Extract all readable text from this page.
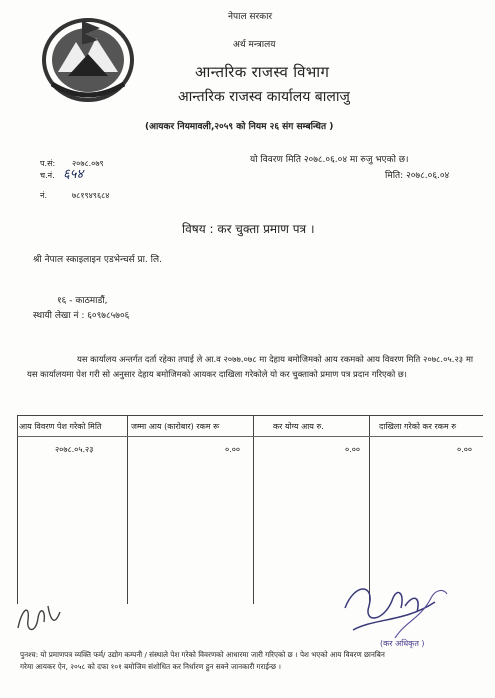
नेपाल सरकार
अर्थ मन्त्रालय
आन्तरिक राजस्व विभाग
आन्तरिक राजस्व कार्यालय बालाजु
(आयकर नियमावली,२०५९ को नियम २६ संग सम्बन्धित )
प.सं: २०७८.०७९
च.नं. ६५४
नं.	७८१९४९६८४
यो विवरण मिति २०७८.०६.०४ मा रुजु भएको छ।
मिति: २०७८.०६.०४
विषय : कर चुक्ता प्रमाण पत्र ।
श्री नेपाल स्काइलाइन एडभेन्चर्स प्रा. लि.
१६ - काठमाडौं,
स्थायी लेखा नं : ६०९७८५७०६
यस कार्यालय अन्तर्गत दर्ता रहेका तपाई ले आ.व २०७७.०७८ मा देहाय बमोजिमको आय रकमको आय विवरण मिति २०७८.०५.२३ मा यस कार्यालयमा पेश गरी सो अनुसार देहाय बमोजिमको आयकर दाखिला गरेकोले यो कर चुक्ताको प्रमाण पत्र प्रदान गरिएको छ।
आय विवरण पेश गरेको मिति	जम्मा आय (कारोबार) रकम रू	कर योग्य आय रु.	दाखिला गरेको कर रकम रु
२०७८.०५.२३	०.००	०.००	०.००
(कर अधिकृत )
पुनश्च: यो प्रमाणपत्र व्यक्ति फर्म/ उद्योग कम्पनी / संस्थाले पेश गरेको विवरणको आधारमा जारी गरिएको छ । पेश भएको आय विवरण छानबिन
गरेमा आयकर ऐन, २०५८ को दफा १०१ बमोजिम संशोधित कर निर्धारण हुन सक्ने जानकारी गराईन्छ ।
